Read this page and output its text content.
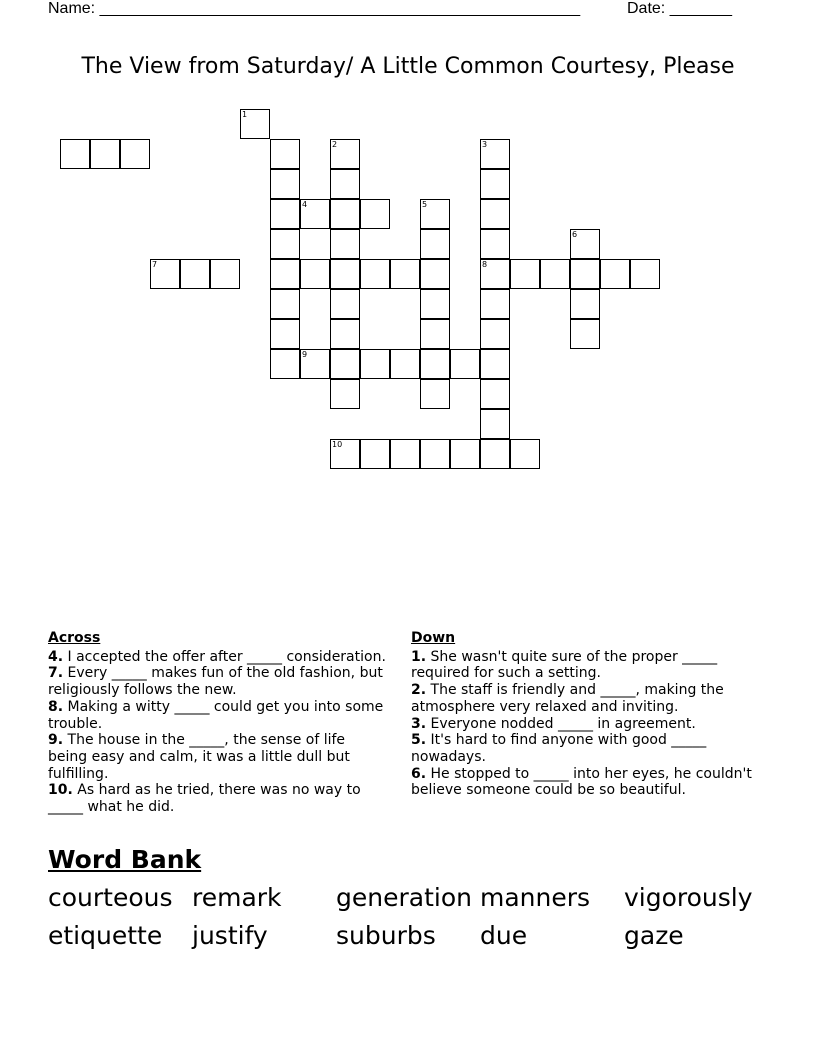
Name: ______________________________________________________	Date: _______
The View from Saturday/ A Little Common Courtesy, Please
1
2	3
4	5
6
7	8
9
10
Across
4. I accepted the offer after _____ consideration.
7. Every _____ makes fun of the old fashion, but religiously follows the new.
8. Making a witty _____ could get you into some trouble.
9. The house in the _____, the sense of life being easy and calm, it was a little dull but fulfilling.
10. As hard as he tried, there was no way to _____ what he did.
Down
1. She wasn't quite sure of the proper _____ required for such a setting.
2. The staff is friendly and _____, making the atmosphere very relaxed and inviting.
3. Everyone nodded _____ in agreement.
5. It's hard to find anyone with good _____ nowadays.
6. He stopped to _____ into her eyes, he couldn't believe someone could be so beautiful.
Word Bank
courteous remark generation manners vigorously
etiquette justify	suburbs due	gaze
